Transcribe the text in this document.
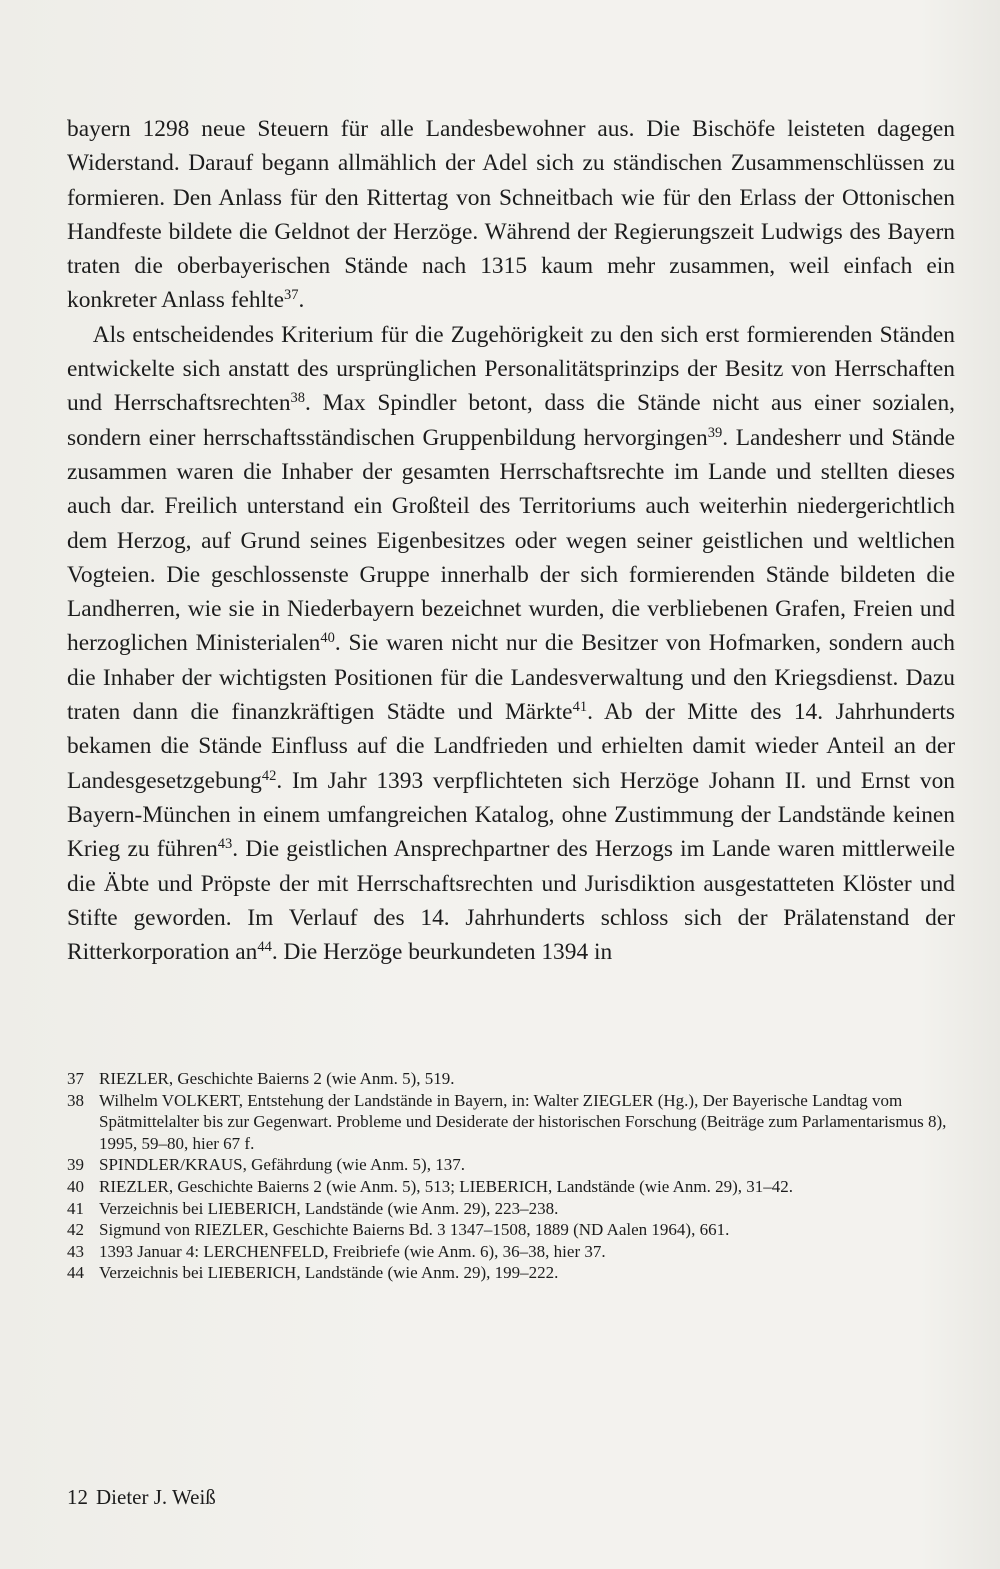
bayern 1298 neue Steuern für alle Landesbewohner aus. Die Bischöfe leisteten dagegen Widerstand. Darauf begann allmählich der Adel sich zu ständischen Zusammenschlüssen zu formieren. Den Anlass für den Rittertag von Schneitbach wie für den Erlass der Ottonischen Handfeste bildete die Geldnot der Herzöge. Während der Regierungszeit Ludwigs des Bayern traten die oberbayerischen Stände nach 1315 kaum mehr zusammen, weil einfach ein konkreter Anlass fehlte$^{37}$.

Als entscheidendes Kriterium für die Zugehörigkeit zu den sich erst formierenden Ständen entwickelte sich anstatt des ursprünglichen Personalitätsprinzips der Besitz von Herrschaften und Herrschaftsrechten$^{38}$. Max Spindler betont, dass die Stände nicht aus einer sozialen, sondern einer herrschaftsständischen Gruppenbildung hervorgingen$^{39}$. Landesherr und Stände zusammen waren die Inhaber der gesamten Herrschaftsrechte im Lande und stellten dieses auch dar. Freilich unterstand ein Großteil des Territoriums auch weiterhin niedergerichtlich dem Herzog, auf Grund seines Eigenbesitzes oder wegen seiner geistlichen und weltlichen Vogteien. Die geschlossenste Gruppe innerhalb der sich formierenden Stände bildeten die Landherren, wie sie in Niederbayern bezeichnet wurden, die verbliebenen Grafen, Freien und herzoglichen Ministerialen$^{40}$. Sie waren nicht nur die Besitzer von Hofmarken, sondern auch die Inhaber der wichtigsten Positionen für die Landesverwaltung und den Kriegsdienst. Dazu traten dann die finanzkräftigen Städte und Märkte$^{41}$. Ab der Mitte des 14. Jahrhunderts bekamen die Stände Einfluss auf die Landfrieden und erhielten damit wieder Anteil an der Landesgesetzgebung$^{42}$. Im Jahr 1393 verpflichteten sich Herzöge Johann II. und Ernst von Bayern-München in einem umfangreichen Katalog, ohne Zustimmung der Landstände keinen Krieg zu führen$^{43}$. Die geistlichen Ansprechpartner des Herzogs im Lande waren mittlerweile die Äbte und Pröpste der mit Herrschaftsrechten und Jurisdiktion ausgestatteten Klöster und Stifte geworden. Im Verlauf des 14. Jahrhunderts schloss sich der Prälatenstand der Ritterkorporation $an^{44}$. Die Herzöge beurkundeten 1394 in

37 RIEZLER, Geschichte Baierns 2 (wie Anm. 5), 519.
38 Wilhelm VOLKERT, Entstehung der Landstände in Bayern, in: Walter ZIEGLER (Hg.), Der Bayerische Landtag vom Spätmittelalter bis zur Gegenwart. Probleme und Desiderate der historischen Forschung (Beiträge zum Parlamentarismus 8), 1995, 59–80, hier 67 f.
39 SPINDLER/KRAUS, Gefährdung (wie Anm. 5), 137.
40 RIEZLER, Geschichte Baierns 2 (wie Anm. 5), 513; LIEBERICH, Landstände (wie Anm. 29), 31–42.
41 Verzeichnis bei LIEBERICH, Landstände (wie Anm. 29), 223–238.
42 Sigmund von RIEZLER, Geschichte Baierns Bd. 3 1347–1508, 1889 (ND Aalen 1964), 661.
43 1393 Januar 4: LERCHENFELD, Freibriefe (wie Anm. 6), 36–38, hier 37.
44 Verzeichnis bei LIEBERICH, Landstände (wie Anm. 29), 199–222.
12 Dieter J. Weiß
